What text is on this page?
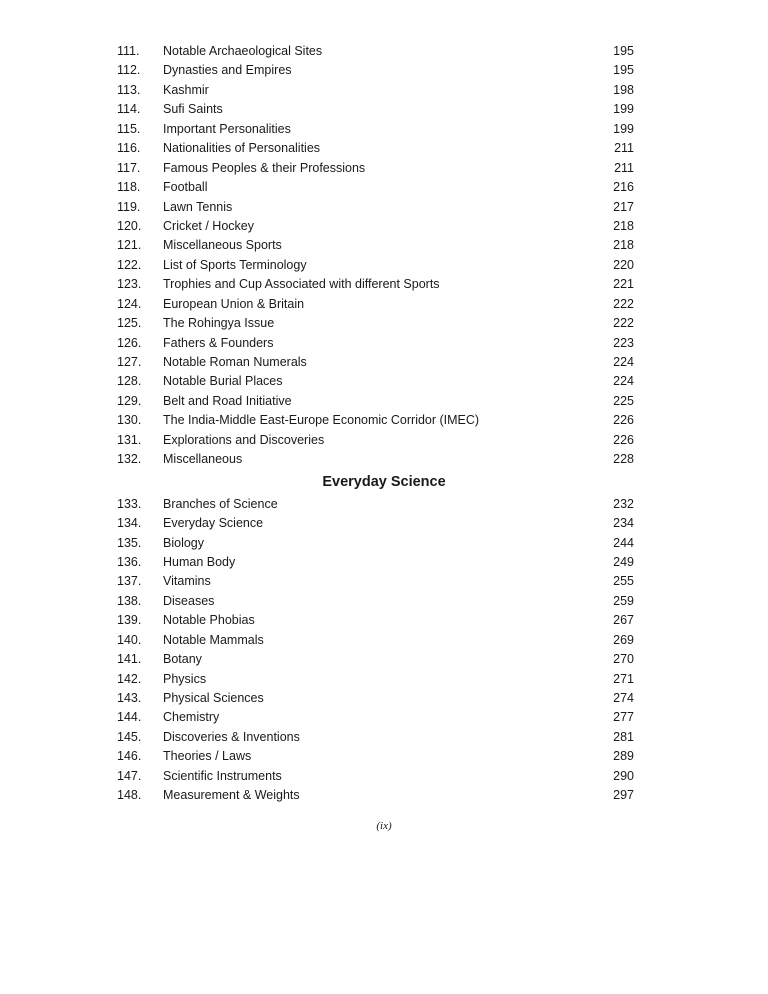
111. Notable Archaeological Sites	195
112. Dynasties and Empires	195
113. Kashmir	198
114. Sufi Saints	199
115. Important Personalities	199
116. Nationalities of Personalities	211
117. Famous Peoples & their Professions	211
118. Football	216
119. Lawn Tennis	217
120. Cricket / Hockey	218
121. Miscellaneous Sports	218
122. List of Sports Terminology	220
123. Trophies and Cup Associated with different Sports	221
124. European Union & Britain	222
125. The Rohingya Issue	222
126. Fathers & Founders	223
127. Notable Roman Numerals	224
128. Notable Burial Places	224
129. Belt and Road Initiative	225
130. The India-Middle East-Europe Economic Corridor (IMEC)	226
131. Explorations and Discoveries	226
132. Miscellaneous	228
Everyday Science
133. Branches of Science	232
134. Everyday Science	234
135. Biology	244
136. Human Body	249
137. Vitamins	255
138. Diseases	259
139. Notable Phobias	267
140. Notable Mammals	269
141. Botany	270
142. Physics	271
143. Physical Sciences	274
144. Chemistry	277
145. Discoveries & Inventions	281
146. Theories / Laws	289
147. Scientific Instruments	290
148. Measurement & Weights	297
(ix)
